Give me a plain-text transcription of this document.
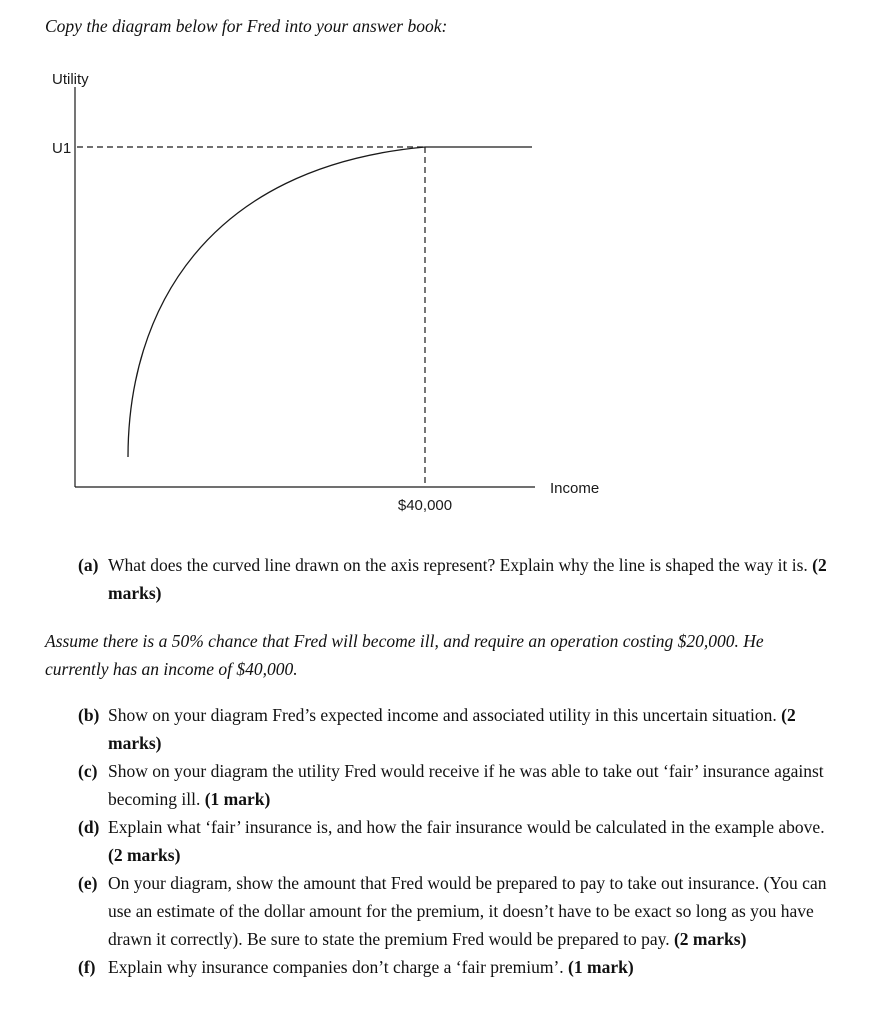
Copy the diagram below for Fred into your answer book:

Utility
U1
$40,000
Income
(a) What does the curved line drawn on the axis represent? Explain why the line is shaped the way it is. (2 marks)

Assume there is a 50% chance that Fred will become ill, and require an operation costing $20,000. He currently has an income of $40,000.

(b) Show on your diagram Fred’s expected income and associated utility in this uncertain situation. (2 marks)
(c) Show on your diagram the utility Fred would receive if he was able to take out ‘fair’ insurance against becoming ill. (1 mark)
(d) Explain what ‘fair’ insurance is, and how the fair insurance would be calculated in the example above. (2 marks)
(e) On your diagram, show the amount that Fred would be prepared to pay to take out insurance. (You can use an estimate of the dollar amount for the premium, it doesn’t have to be exact so long as you have drawn it correctly). Be sure to state the premium Fred would be prepared to pay. (2 marks)
(f) Explain why insurance companies don’t charge a ‘fair premium’. (1 mark)
